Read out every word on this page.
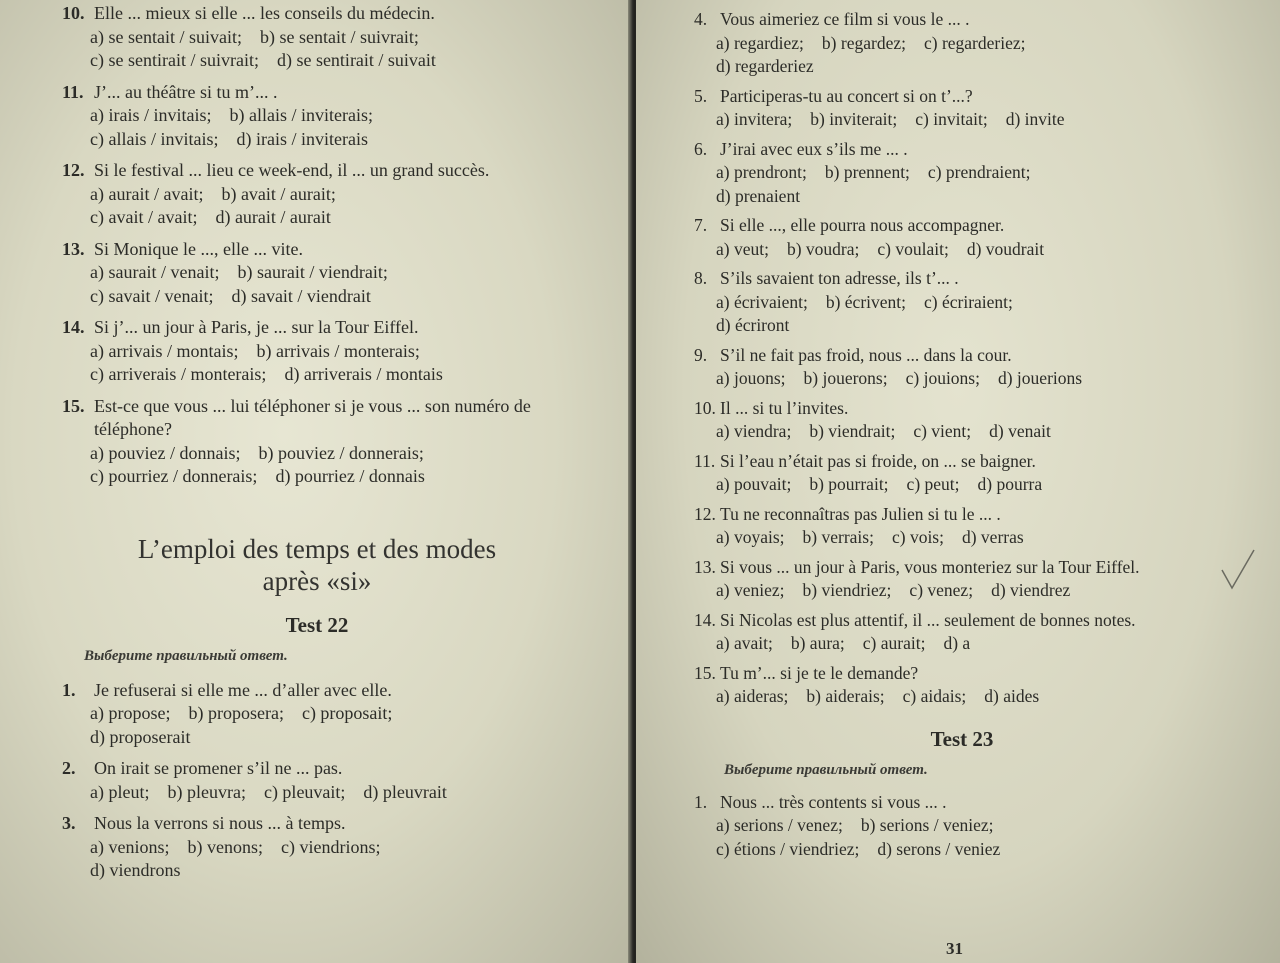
10. Elle ... mieux si elle ... les conseils du médecin.
a) se sentait / suivait; b) se sentait / suivrait;
c) se sentirait / suivrait; d) se sentirait / suivait
11. J’... au théâtre si tu m’... .
a) irais / invitais; b) allais / inviterais;
c) allais / invitais; d) irais / inviterais
12. Si le festival ... lieu ce week-end, il ... un grand succès.
a) aurait / avait; b) avait / aurait;
c) avait / avait; d) aurait / aurait
13. Si Monique le ..., elle ... vite.
a) saurait / venait; b) saurait / viendrait;
c) savait / venait; d) savait / viendrait
14. Si j’... un jour à Paris, je ... sur la Tour Eiffel.
a) arrivais / montais; b) arrivais / monterais;
c) arriverais / monterais; d) arriverais / montais
15. Est-ce que vous ... lui téléphoner si je vous ... son numéro de téléphone?
a) pouviez / donnais; b) pouviez / donnerais;
c) pourriez / donnerais; d) pourriez / donnais
L’emploi des temps et des modes
après «si»
Test 22
Выберите правильный ответ.
1.	Je refuserai si elle me ... d’aller avec elle.
a) propose; b) proposera; c) proposait;
d) proposerait
2.	On irait se promener s’il ne ... pas.
a) pleut; b) pleuvra; c) pleuvait; d) pleuvrait
3.	Nous la verrons si nous ... à temps.
a) venions; b) venons; c) viendrions;
d) viendrons
4. Vous aimeriez ce film si vous le ... .
a) regardiez; b) regardez; c) regarderiez;
d) regarderiez
5. Participeras-tu au concert si on t’...?
a) invitera; b) inviterait; c) invitait; d) invite
6. J’irai avec eux s’ils me ... .
a) prendront; b) prennent; c) prendraient;
d) prenaient
7. Si elle ..., elle pourra nous accompagner.
a) veut; b) voudra; c) voulait; d) voudrait
8. S’ils savaient ton adresse, ils t’... .
a) écrivaient; b) écrivent; c) écriraient;
d) écriront
9. S’il ne fait pas froid, nous ... dans la cour.
a) jouons; b) jouerons; c) jouions; d) jouerions
10. Il ... si tu l’invites.
a) viendra; b) viendrait; c) vient; d) venait
11. Si l’eau n’était pas si froide, on ... se baigner.
a) pouvait; b) pourrait; c) peut; d) pourra
12. Tu ne reconnaîtras pas Julien si tu le ... .
a) voyais; b) verrais; c) vois; d) verras
13. Si vous ... un jour à Paris, vous monteriez sur la Tour Eiffel.
a) veniez; b) viendriez; c) venez; d) viendrez
14. Si Nicolas est plus attentif, il ... seulement de bonnes notes.
a) avait; b) aura; c) aurait; d) a
15. Tu m’... si je te le demande?
a) aideras; b) aiderais; c) aidais; d) aides
Test 23
Выберите правильный ответ.
1. Nous ... très contents si vous ... .
a) serions / venez; b) serions / veniez;
c) étions / viendriez; d) serons / veniez
31
